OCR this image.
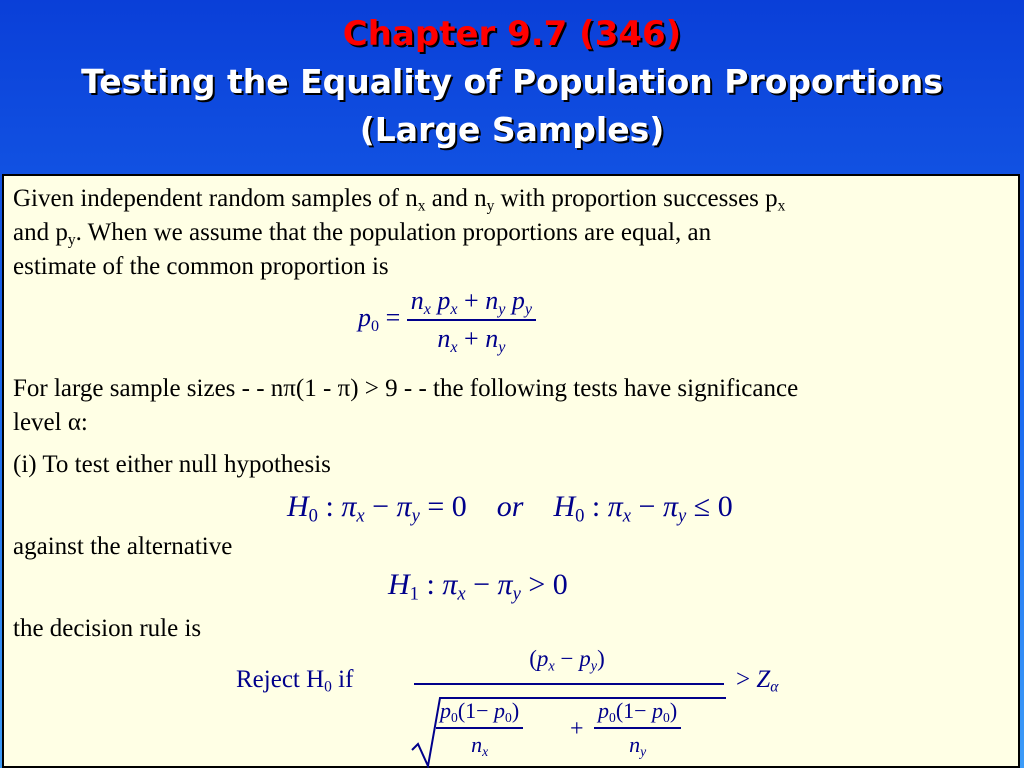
Chapter 9.7 (346)
Testing the Equality of Population Proportions
(Large Samples)
Given independent random samples of $n_x$ and $n_y$ with proportion successes $p_x$
and $p_y$. When we assume that the population proportions are equal, an
estimate of the common proportion is
$p_0 = \frac{n_x p_x + n_y p_y}{n_x + n_y}$
For large sample sizes - - nπ(1 - π) > 9 - - the following tests have significance
level α:
(i) To test either null hypothesis
$H_0$ : $\pi_x - \pi_y = 0$    or $H_0$ : $\pi_x - \pi_y \le 0$
against the alternative
$H_1$ : $\pi_x - \pi_y > 0$
the decision rule is
Reject $H_0$ if
$(p_x - p_y)$
$\frac{p_0(1- p_0)}{n_x} + \frac{p_0(1- p_0)}{n_y}$
> $Z_\alpha$
